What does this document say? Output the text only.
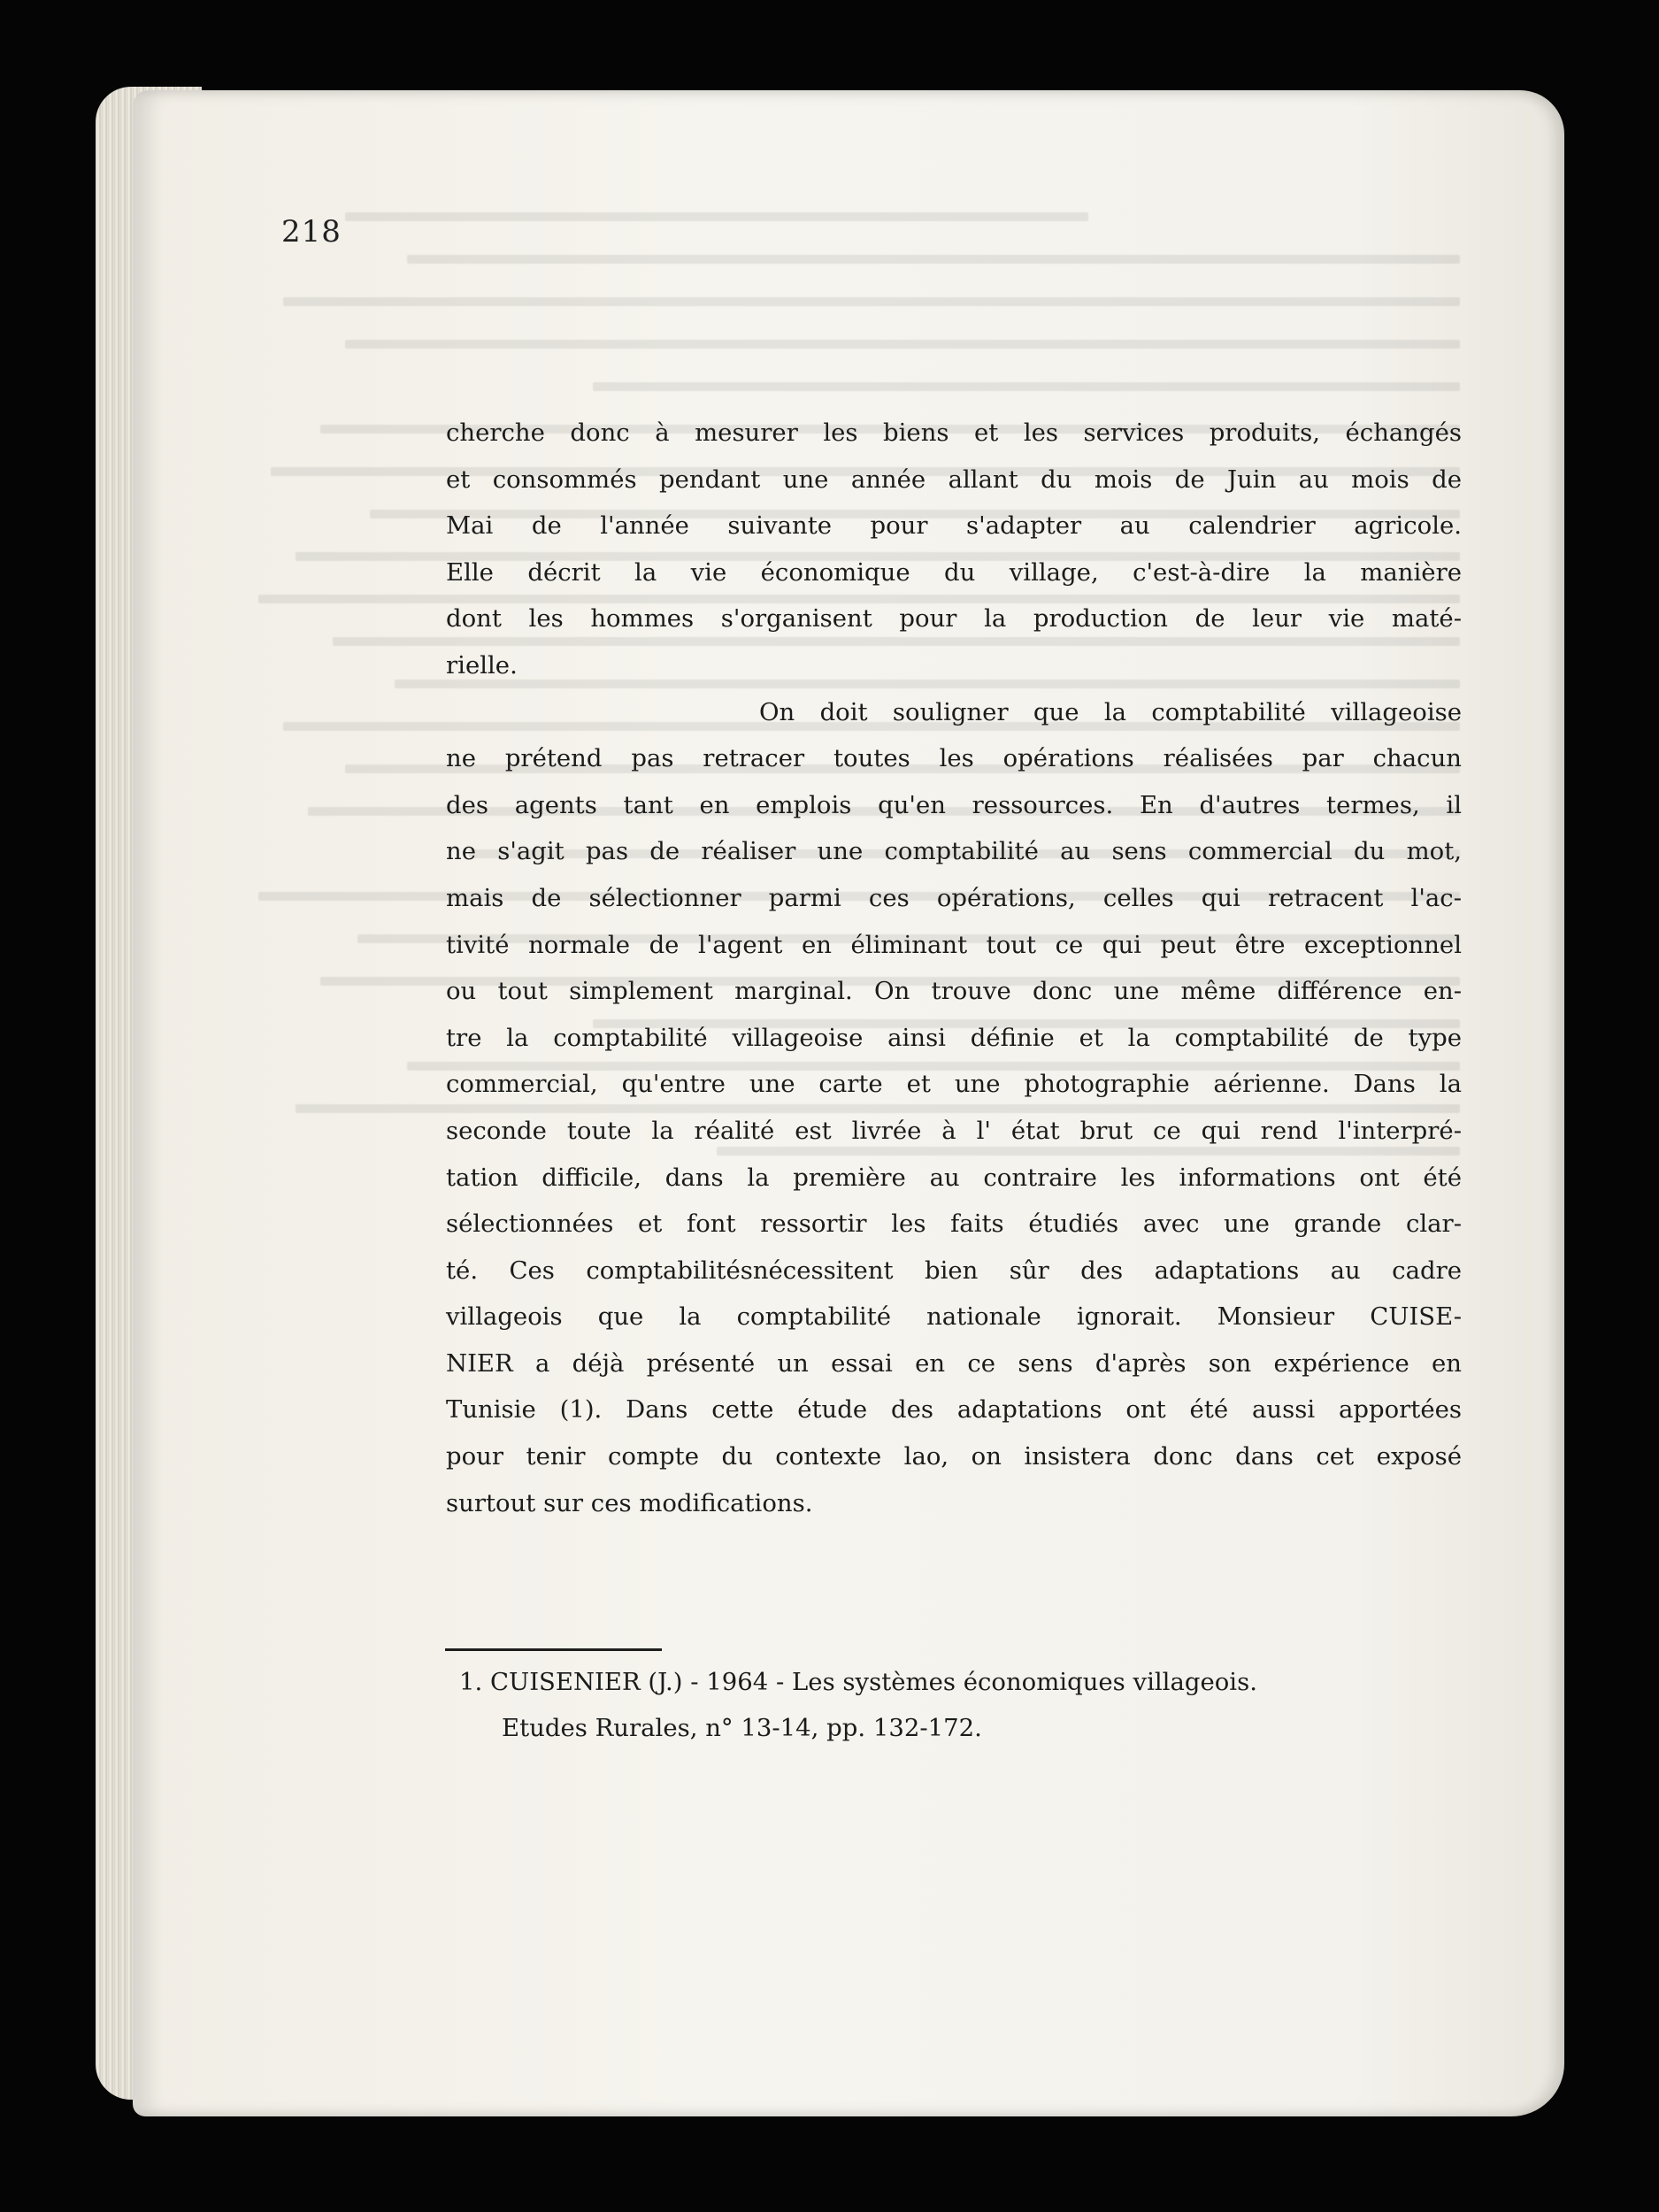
218
cherche donc à mesurer les biens et les services produits, échangés
et consommés pendant une année allant du mois de Juin au mois de
Mai de l'année suivante pour s'adapter au calendrier agricole.
Elle décrit la vie économique du village, c'est-à-dire la manière
dont les hommes s'organisent pour la production de leur vie maté-
rielle.
On doit souligner que la comptabilité villageoise
ne prétend pas retracer toutes les opérations réalisées par chacun
des agents tant en emplois qu'en ressources. En d'autres termes, il
ne s'agit pas de réaliser une comptabilité au sens commercial du mot,
mais de sélectionner parmi ces opérations, celles qui retracent l'ac-
tivité normale de l'agent en éliminant tout ce qui peut être exceptionnel
ou tout simplement marginal. On trouve donc une même différence en-
tre la comptabilité villageoise ainsi définie et la comptabilité de type
commercial, qu'entre une carte et une photographie aérienne. Dans la
seconde toute la réalité est livrée à l' état brut ce qui rend l'interpré-
tation difficile, dans la première au contraire les informations ont été
sélectionnées et font ressortir les faits étudiés avec une grande clar-
té. Ces comptabilitésnécessitent bien sûr des adaptations au cadre
villageois que la comptabilité nationale ignorait. Monsieur CUISE-
NIER a déjà présenté un essai en ce sens d'après son expérience en
Tunisie (1). Dans cette étude des adaptations ont été aussi apportées
pour tenir compte du contexte lao, on insistera donc dans cet exposé
surtout sur ces modifications.
1. CUISENIER (J.) - 1964 - Les systèmes économiques villageois.
Etudes Rurales, n° 13-14, pp. 132-172.
